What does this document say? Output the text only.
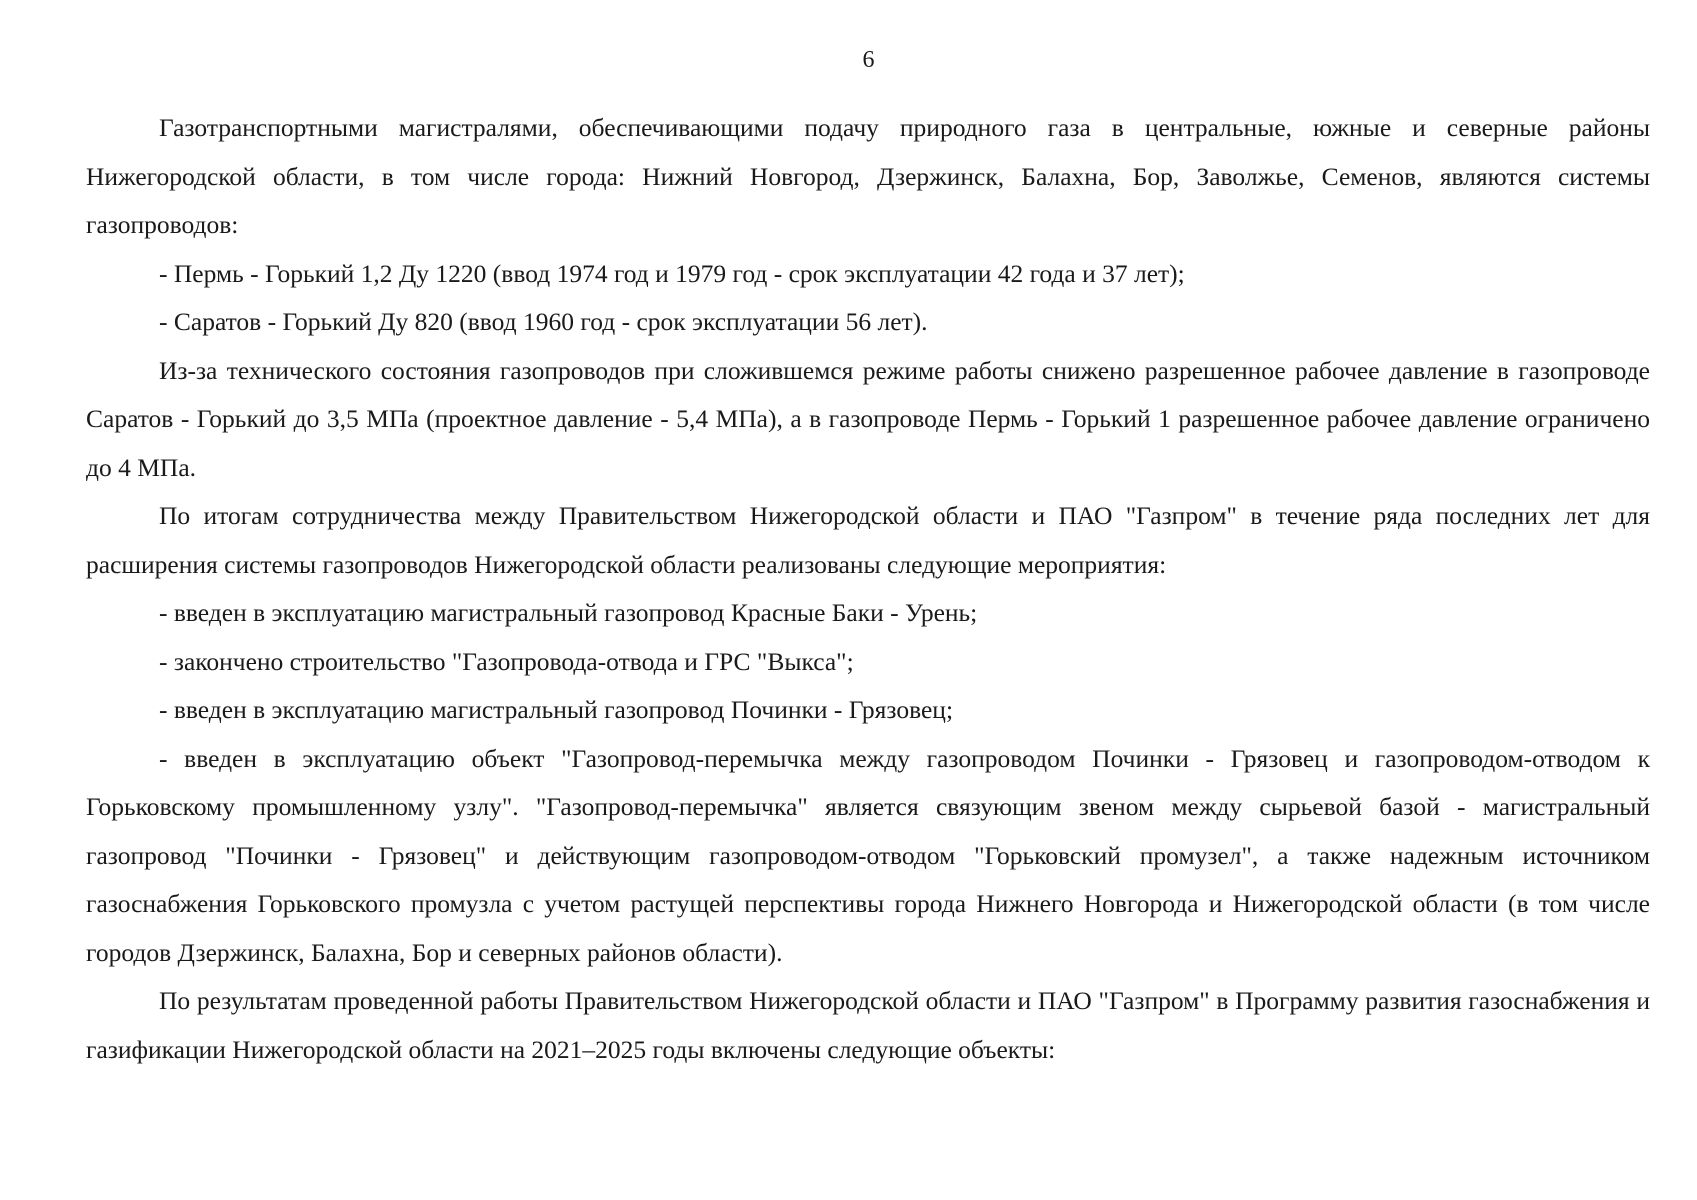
6

Газотранспортными магистралями, обеспечивающими подачу природного газа в центральные, южные и северные районы Нижегородской области, в том числе города: Нижний Новгород, Дзержинск, Балахна, Бор, Заволжье, Семенов, являются системы газопроводов:

- Пермь - Горький 1,2 Ду 1220 (ввод 1974 год и 1979 год - срок эксплуатации 42 года и 37 лет);

- Саратов - Горький Ду 820 (ввод 1960 год - срок эксплуатации 56 лет).

Из-за технического состояния газопроводов при сложившемся режиме работы снижено разрешенное рабочее давление в газопроводе Саратов - Горький до 3,5 МПа (проектное давление - 5,4 МПа), а в газопроводе Пермь - Горький 1 разрешенное рабочее давление ограничено до 4 МПа.

По итогам сотрудничества между Правительством Нижегородской области и ПАО "Газпром" в течение ряда последних лет для расширения системы газопроводов Нижегородской области реализованы следующие мероприятия:

- введен в эксплуатацию магистральный газопровод Красные Баки - Урень;

- закончено строительство "Газопровода-отвода и ГРС "Выкса";

- введен в эксплуатацию магистральный газопровод Починки - Грязовец;

- введен в эксплуатацию объект "Газопровод-перемычка между газопроводом Починки - Грязовец и газопроводом-отводом к Горьковскому промышленному узлу". "Газопровод-перемычка" является связующим звеном между сырьевой базой - магистральный газопровод "Починки - Грязовец" и действующим газопроводом-отводом "Горьковский промузел", а также надежным источником газоснабжения Горьковского промузла с учетом растущей перспективы города Нижнего Новгорода и Нижегородской области (в том числе городов Дзержинск, Балахна, Бор и северных районов области).

По результатам проведенной работы Правительством Нижегородской области и ПАО "Газпром" в Программу развития газоснабжения и газификации Нижегородской области на 2021–2025 годы включены следующие объекты:
